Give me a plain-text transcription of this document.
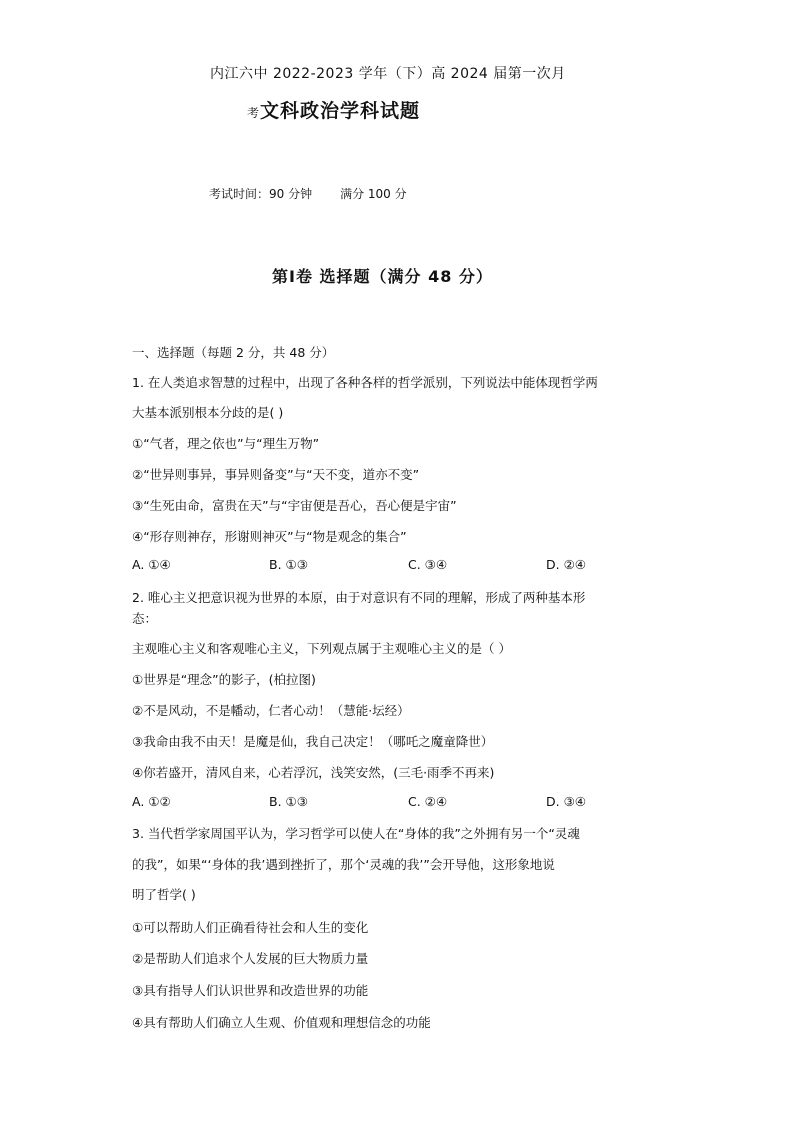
内江六中 2022-2023 学年（下）高 2024 届第一次月
考文科政治学科试题
考试时间：90 分钟 满分 100 分
第Ⅰ卷 选择题（满分 48 分）
一、选择题（每题 2 分，共 48 分）
1. 在人类追求智慧的过程中，出现了各种各样的哲学派别，下列说法中能体现哲学两
大基本派别根本分歧的是( )
①“气者，理之依也”与“理生万物”
②“世异则事异，事异则备变”与“天不变，道亦不变”
③“生死由命，富贵在天”与“宇宙便是吾心，吾心便是宇宙”
④“形存则神存，形谢则神灭”与“物是观念的集合”
A. ①④	B. ①③	C. ③④	D. ②④
2. 唯心主义把意识视为世界的本原，由于对意识有不同的理解，形成了两种基本形
态：
主观唯心主义和客观唯心主义，下列观点属于主观唯心主义的是（ ）
①世界是“理念”的影子，(柏拉图)
②不是风动，不是幡动，仁者心动！（慧能·坛经）
③我命由我不由天！是魔是仙，我自己决定！（哪吒之魔童降世）
④你若盛开，清风自来，心若浮沉，浅笑安然，(三毛·雨季不再来)
A. ①②	B. ①③	C. ②④	D. ③④
3. 当代哲学家周国平认为，学习哲学可以使人在“身体的我”之外拥有另一个“灵魂
的我”，如果“‘身体的我’遇到挫折了，那个‘灵魂的我’”会开导他，这形象地说
明了哲学( )
①可以帮助人们正确看待社会和人生的变化
②是帮助人们追求个人发展的巨大物质力量
③具有指导人们认识世界和改造世界的功能
④具有帮助人们确立人生观、价值观和理想信念的功能
